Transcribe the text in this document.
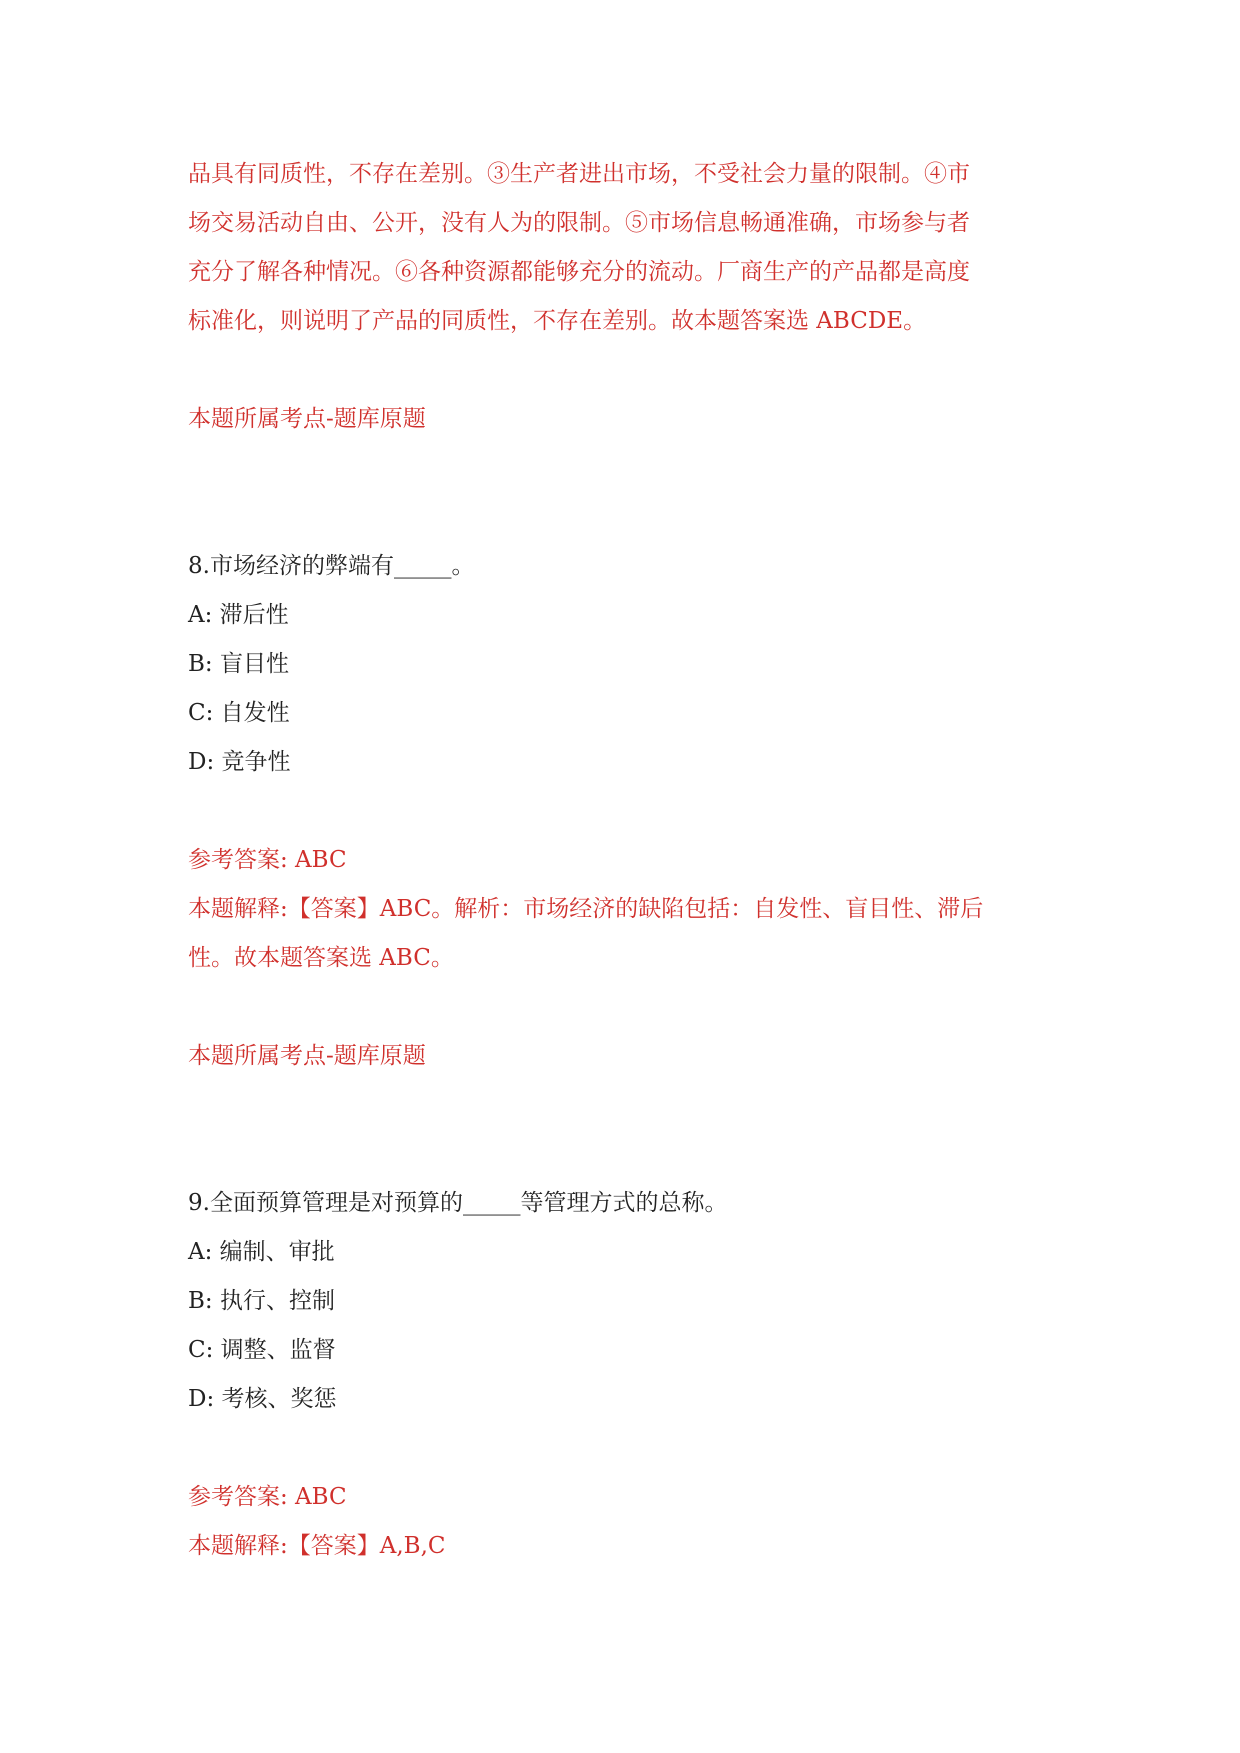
品具有同质性，不存在差别。③生产者进出市场，不受社会力量的限制。④市
场交易活动自由、公开，没有人为的限制。⑤市场信息畅通准确，市场参与者
充分了解各种情况。⑥各种资源都能够充分的流动。厂商生产的产品都是高度
标准化，则说明了产品的同质性，不存在差别。故本题答案选 ABCDE。
本题所属考点-题库原题
8.市场经济的弊端有_____。
A: 滞后性
B: 盲目性
C: 自发性
D: 竞争性
参考答案: ABC
本题解释:【答案】ABC。解析：市场经济的缺陷包括：自发性、盲目性、滞后
性。故本题答案选 ABC。
本题所属考点-题库原题
9.全面预算管理是对预算的_____等管理方式的总称。
A: 编制、审批
B: 执行、控制
C: 调整、监督
D: 考核、奖惩
参考答案: ABC
本题解释:【答案】A,B,C
